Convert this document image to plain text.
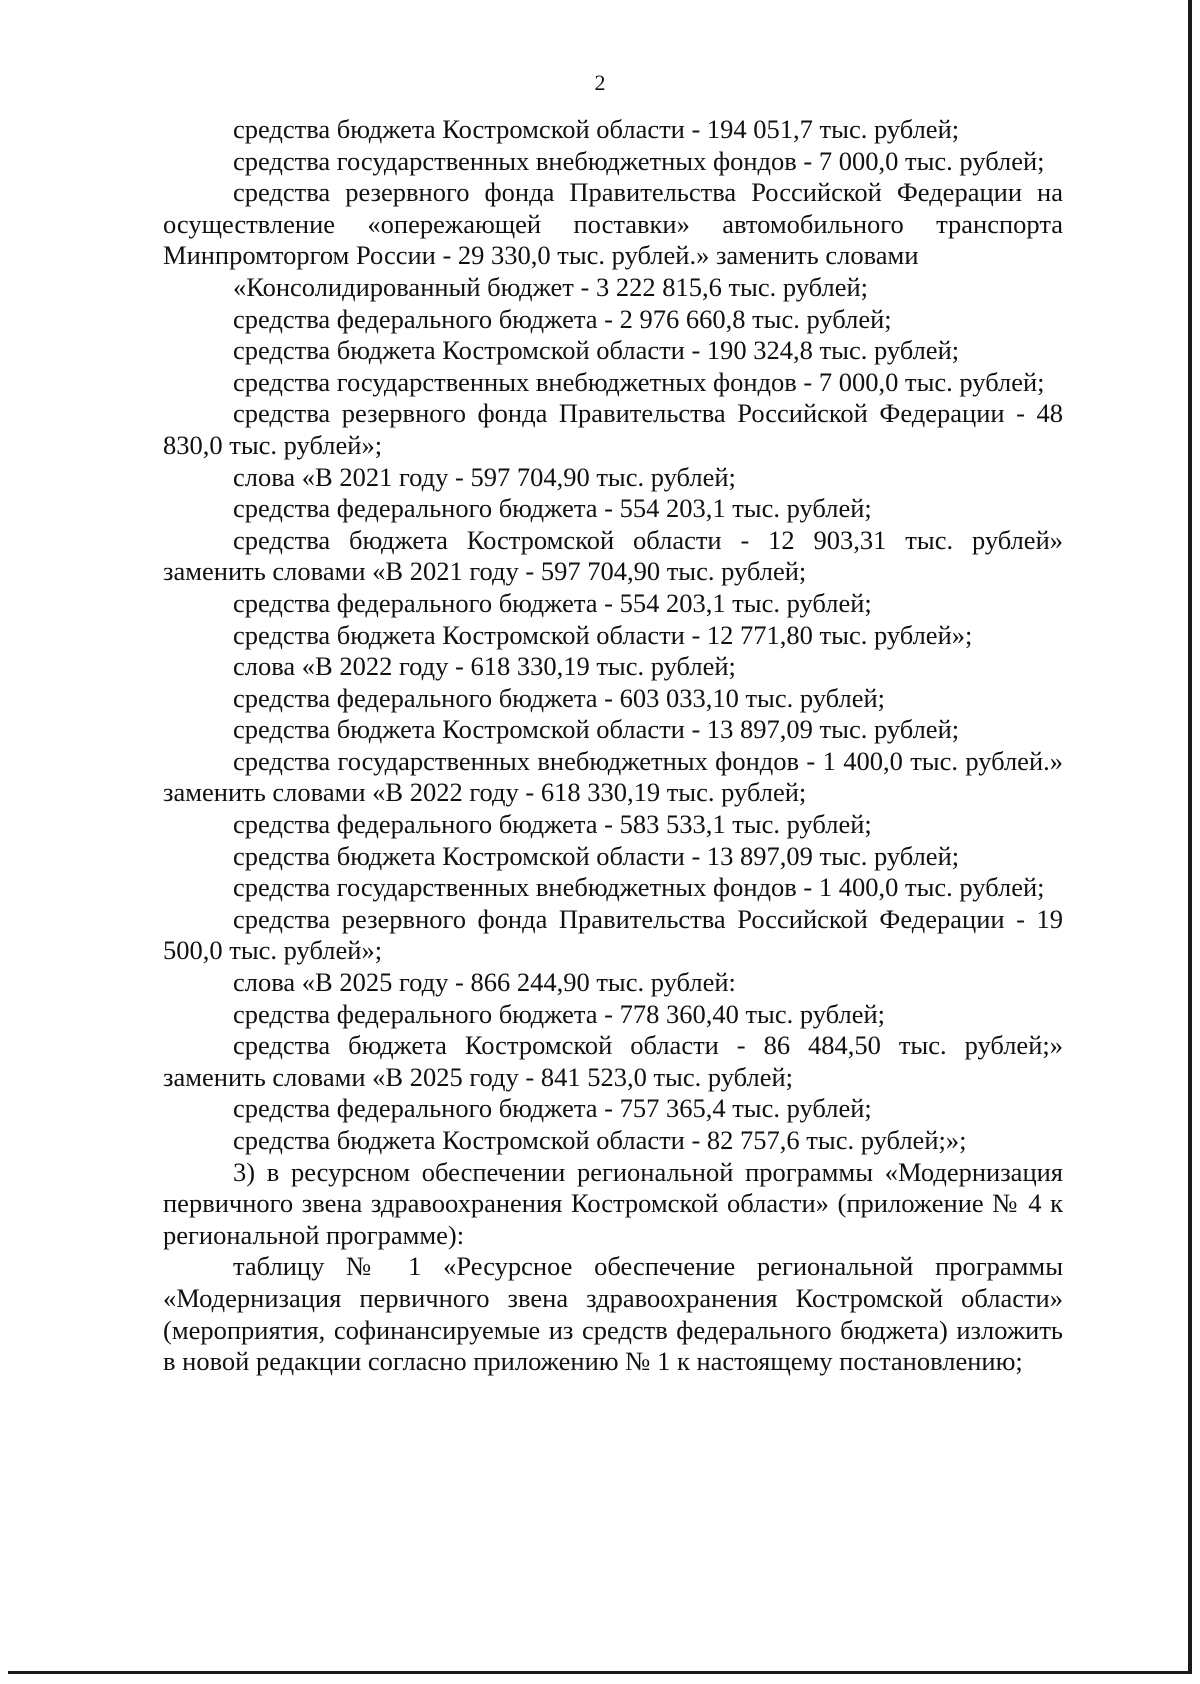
2

средства бюджета Костромской области - 194 051,7 тыс. рублей;

средства государственных внебюджетных фондов - 7 000,0 тыс. рублей;

средства резервного фонда Правительства Российской Федерации на осуществление «опережающей поставки» автомобильного транспорта Минпромторгом России - 29 330,0 тыс. рублей.» заменить словами

«Консолидированный бюджет - 3 222 815,6 тыс. рублей;

средства федерального бюджета - 2 976 660,8 тыс. рублей;

средства бюджета Костромской области - 190 324,8 тыс. рублей;

средства государственных внебюджетных фондов - 7 000,0 тыс. рублей;

средства резервного фонда Правительства Российской Федерации - 48 830,0 тыс. рублей»;

слова «В 2021 году - 597 704,90 тыс. рублей;

средства федерального бюджета - 554 203,1 тыс. рублей;

средства бюджета Костромской области - 12 903,31 тыс. рублей» заменить словами «В 2021 году - 597 704,90 тыс. рублей;

средства федерального бюджета - 554 203,1 тыс. рублей;

средства бюджета Костромской области - 12 771,80 тыс. рублей»;

слова «В 2022 году - 618 330,19 тыс. рублей;

средства федерального бюджета - 603 033,10 тыс. рублей;

средства бюджета Костромской области - 13 897,09 тыс. рублей;

средства государственных внебюджетных фондов - 1 400,0 тыс. рублей.» заменить словами «В 2022 году - 618 330,19 тыс. рублей;

средства федерального бюджета - 583 533,1 тыс. рублей;

средства бюджета Костромской области - 13 897,09 тыс. рублей;

средства государственных внебюджетных фондов - 1 400,0 тыс. рублей;

средства резервного фонда Правительства Российской Федерации - 19 500,0 тыс. рублей»;

слова «В 2025 году - 866 244,90 тыс. рублей:

средства федерального бюджета - 778 360,40 тыс. рублей;

средства бюджета Костромской области - 86 484,50 тыс. рублей;» заменить словами «В 2025 году - 841 523,0 тыс. рублей;

средства федерального бюджета - 757 365,4 тыс. рублей;

средства бюджета Костромской области - 82 757,6 тыс. рублей;»;

3) в ресурсном обеспечении региональной программы «Модернизация первичного звена здравоохранения Костромской области» (приложение № 4 к региональной программе):

таблицу № 1 «Ресурсное обеспечение региональной программы «Модернизация первичного звена здравоохранения Костромской области» (мероприятия, софинансируемые из средств федерального бюджета) изложить в новой редакции согласно приложению № 1 к настоящему постановлению;
